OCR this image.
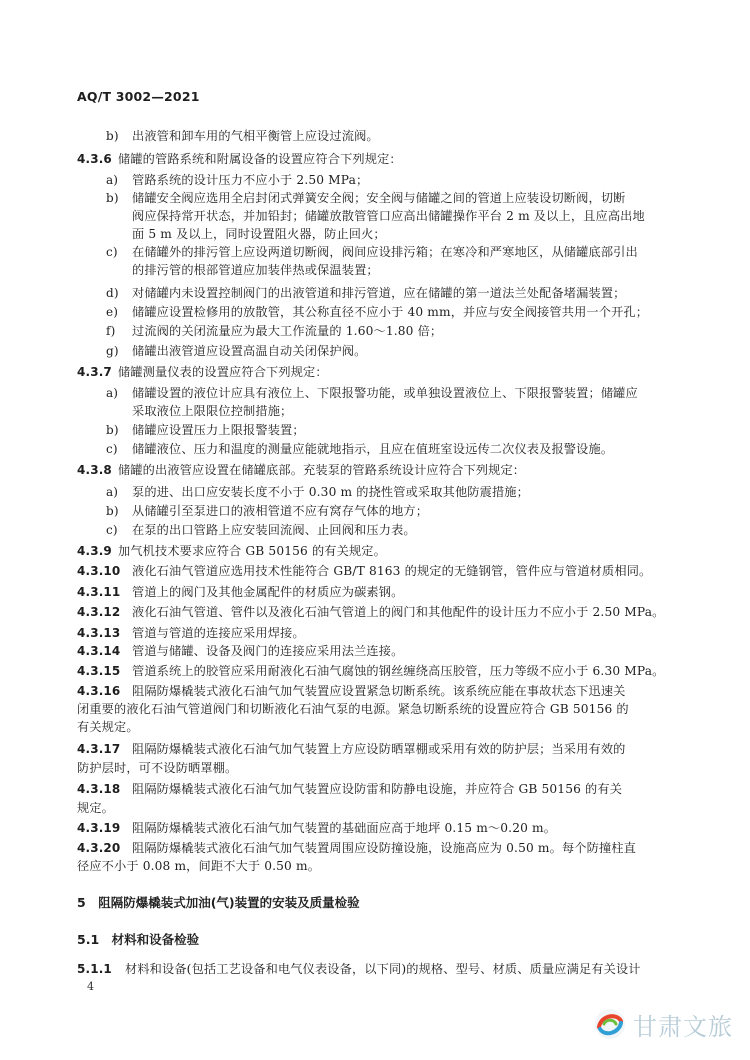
AQ/T 3002—2021
b) 出液管和卸车用的气相平衡管上应设过流阀。
4.3.6 储罐的管路系统和附属设备的设置应符合下列规定：
a) 管路系统的设计压力不应小于 2.50 MPa；
b) 储罐安全阀应选用全启封闭式弹簧安全阀；安全阀与储罐之间的管道上应装设切断阀，切断
阀应保持常开状态，并加铅封；储罐放散管管口应高出储罐操作平台 2 m 及以上，且应高出地
面 5 m 及以上，同时设置阻火器，防止回火；
c) 在储罐外的排污管上应设两道切断阀，阀间应设排污箱；在寒冷和严寒地区，从储罐底部引出
的排污管的根部管道应加装伴热或保温装置；
d) 对储罐内未设置控制阀门的出液管道和排污管道，应在储罐的第一道法兰处配备堵漏装置；
e) 储罐应设置检修用的放散管，其公称直径不应小于 40 mm，并应与安全阀接管共用一个开孔；
f) 过流阀的关闭流量应为最大工作流量的 1.60～1.80 倍；
g) 储罐出液管道应设置高温自动关闭保护阀。
4.3.7 储罐测量仪表的设置应符合下列规定：
a) 储罐设置的液位计应具有液位上、下限报警功能，或单独设置液位上、下限报警装置；储罐应
采取液位上限限位控制措施；
b) 储罐应设置压力上限报警装置；
c) 储罐液位、压力和温度的测量应能就地指示，且应在值班室设远传二次仪表及报警设施。
4.3.8 储罐的出液管应设置在储罐底部。充装泵的管路系统设计应符合下列规定：
a) 泵的进、出口应安装长度不小于 0.30 m 的挠性管或采取其他防震措施；
b) 从储罐引至泵进口的液相管道不应有窝存气体的地方；
c) 在泵的出口管路上应安装回流阀、止回阀和压力表。
4.3.9 加气机技术要求应符合 GB 50156 的有关规定。
4.3.10 液化石油气管道应选用技术性能符合 GB/T 8163 的规定的无缝钢管，管件应与管道材质相同。
4.3.11 管道上的阀门及其他金属配件的材质应为碳素钢。
4.3.12 液化石油气管道、管件以及液化石油气管道上的阀门和其他配件的设计压力不应小于 2.50 MPa。
4.3.13 管道与管道的连接应采用焊接。
4.3.14 管道与储罐、设备及阀门的连接应采用法兰连接。
4.3.15 管道系统上的胶管应采用耐液化石油气腐蚀的钢丝缠绕高压胶管，压力等级不应小于 6.30 MPa。
4.3.16 阻隔防爆橇装式液化石油气加气装置应设置紧急切断系统。该系统应能在事故状态下迅速关
闭重要的液化石油气管道阀门和切断液化石油气泵的电源。紧急切断系统的设置应符合 GB 50156 的
有关规定。
4.3.17 阻隔防爆橇装式液化石油气加气装置上方应设防晒罩棚或采用有效的防护层；当采用有效的
防护层时，可不设防晒罩棚。
4.3.18 阻隔防爆橇装式液化石油气加气装置应设防雷和防静电设施，并应符合 GB 50156 的有关
规定。
4.3.19 阻隔防爆橇装式液化石油气加气装置的基础面应高于地坪 0.15 m～0.20 m。
4.3.20 阻隔防爆橇装式液化石油气加气装置周围应设防撞设施，设施高应为 0.50 m。每个防撞柱直
径应不小于 0.08 m，间距不大于 0.50 m。
5　阻隔防爆橇装式加油(气)装置的安装及质量检验
5.1　材料和设备检验
5.1.1 材料和设备(包括工艺设备和电气仪表设备，以下同)的规格、型号、材质、质量应满足有关设计
4
甘肃文旅
